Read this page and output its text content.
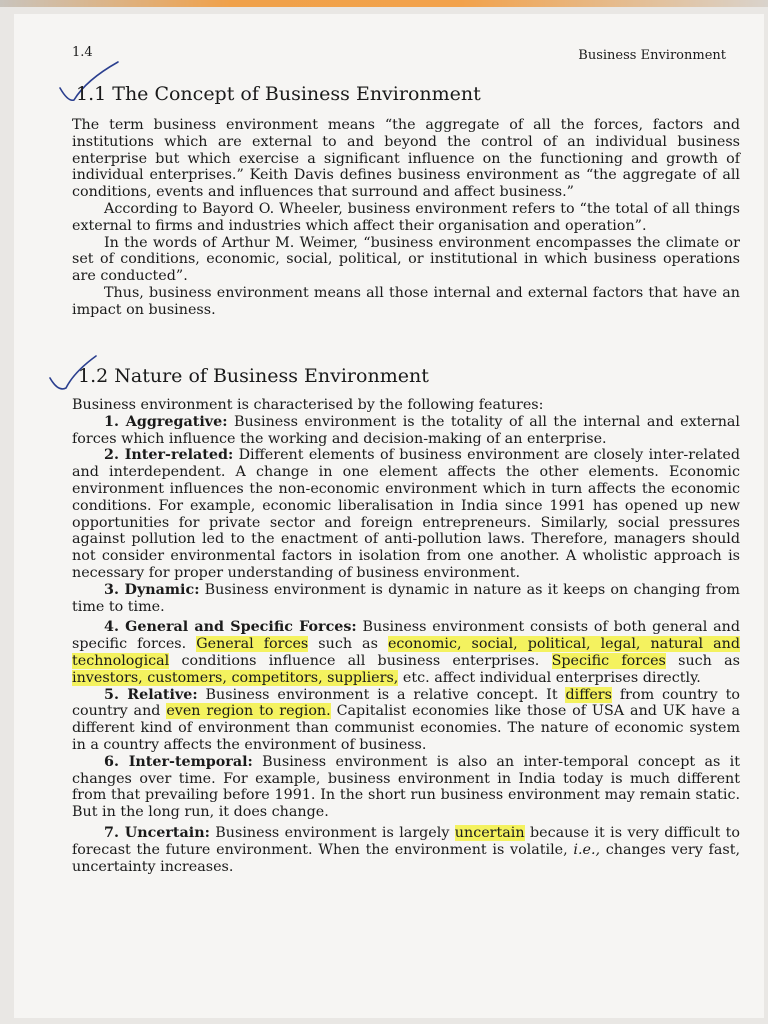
1.4	Business Environment
1.1 The Concept of Business Environment

The term business environment means “the aggregate of all the forces, factors and institutions which are external to and beyond the control of an individual business enterprise but which exercise a significant influence on the functioning and growth of individual enterprises.” Keith Davis defines business environment as “the aggregate of all conditions, events and influences that surround and affect business.”

According to Bayord O. Wheeler, business environment refers to “the total of all things external to firms and industries which affect their organisation and operation”.

In the words of Arthur M. Weimer, “business environment encompasses the climate or set of conditions, economic, social, political, or institutional in which business operations are conducted”.

Thus, business environment means all those internal and external factors that have an impact on business.

1.2 Nature of Business Environment

Business environment is characterised by the following features:

1. Aggregative: Business environment is the totality of all the internal and external forces which influence the working and decision-making of an enterprise.

2. Inter-related: Different elements of business environment are closely inter-related and interdependent. A change in one element affects the other elements. Economic environment influences the non-economic environment which in turn affects the economic conditions. For example, economic liberalisation in India since 1991 has opened up new opportunities for private sector and foreign entrepreneurs. Similarly, social pressures against pollution led to the enactment of anti-pollution laws. Therefore, managers should not consider environmental factors in isolation from one another. A wholistic approach is necessary for proper understanding of business environment.

3. Dynamic: Business environment is dynamic in nature as it keeps on changing from time to time.

4. General and Specific Forces: Business environment consists of both general and specific forces. General forces such as economic, social, political, legal, natural and technological conditions influence all business enterprises. Specific forces such as investors, customers, competitors, suppliers, etc. affect individual enterprises directly.

5. Relative: Business environment is a relative concept. It differs from country to country and even region to region. Capitalist economies like those of USA and UK have a different kind of environment than communist economies. The nature of economic system in a country affects the environment of business.

6. Inter-temporal: Business environment is also an inter-temporal concept as it changes over time. For example, business environment in India today is much different from that prevailing before 1991. In the short run business environment may remain static. But in the long run, it does change.

7. Uncertain: Business environment is largely uncertain because it is very difficult to forecast the future environment. When the environment is volatile, i.e., changes very fast, uncertainty increases.
